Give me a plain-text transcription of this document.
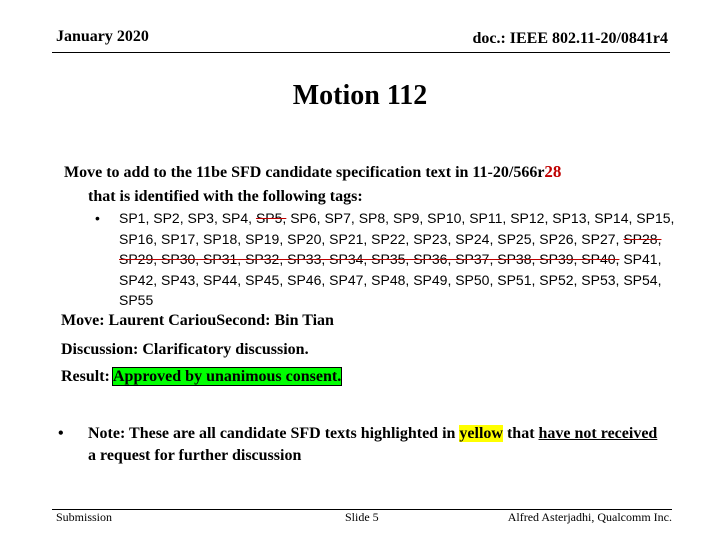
January 2020	doc.: IEEE 802.11-20/0841r4
Motion 112
Move to add to the 11be SFD candidate specification text in 11-20/566r28
that is identified with the following tags:
• SP1, SP2, SP3, SP4, SP5, SP6, SP7, SP8, SP9, SP10, SP11, SP12, SP13, SP14, SP15, SP16, SP17, SP18, SP19, SP20, SP21, SP22, SP23, SP24, SP25, SP26, SP27, SP28, SP29, SP30, SP31, SP32, SP33, SP34, SP35, SP36, SP37, SP38, SP39, SP40, SP41, SP42, SP43, SP44, SP45, SP46, SP47, SP48, SP49, SP50, SP51, SP52, SP53, SP54, SP55
Move: Laurent CariouSecond: Bin Tian
Discussion: Clarificatory discussion.
Result: Approved by unanimous consent.
• Note: These are all candidate SFD texts highlighted in yellow that have not received a request for further discussion
Submission	Slide 5	Alfred Asterjadhi, Qualcomm Inc.
